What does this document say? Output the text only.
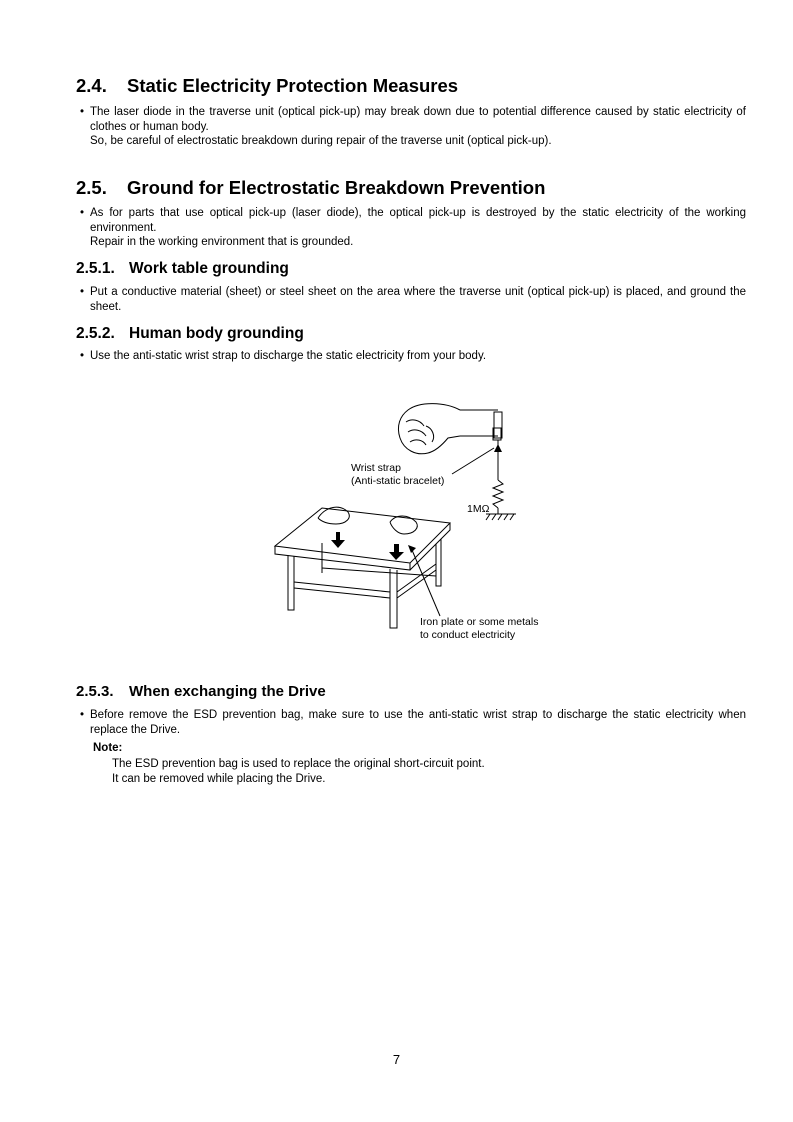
2.4. Static Electricity Protection Measures
• The laser diode in the traverse unit (optical pick-up) may break down due to potential difference caused by static electricity of clothes or human body.

So, be careful of electrostatic breakdown during repair of the traverse unit (optical pick-up).

2.5. Ground for Electrostatic Breakdown Prevention
• As for parts that use optical pick-up (laser diode), the optical pick-up is destroyed by the static electricity of the working environment.

Repair in the working environment that is grounded.

2.5.1. Work table grounding
• Put a conductive material (sheet) or steel sheet on the area where the traverse unit (optical pick-up) is placed, and ground the sheet.

2.5.2. Human body grounding
• Use the anti-static wrist strap to discharge the static electricity from your body.

Wrist strap
(Anti-static bracelet)
1MΩ
Iron plate or some metals
to conduct electricity
2.5.3. When exchanging the Drive
• Before remove the ESD prevention bag, make sure to use the anti-static wrist strap to discharge the static electricity when replace the Drive.

Note:
The ESD prevention bag is used to replace the original short-circuit point.
It can be removed while placing the Drive.
7
